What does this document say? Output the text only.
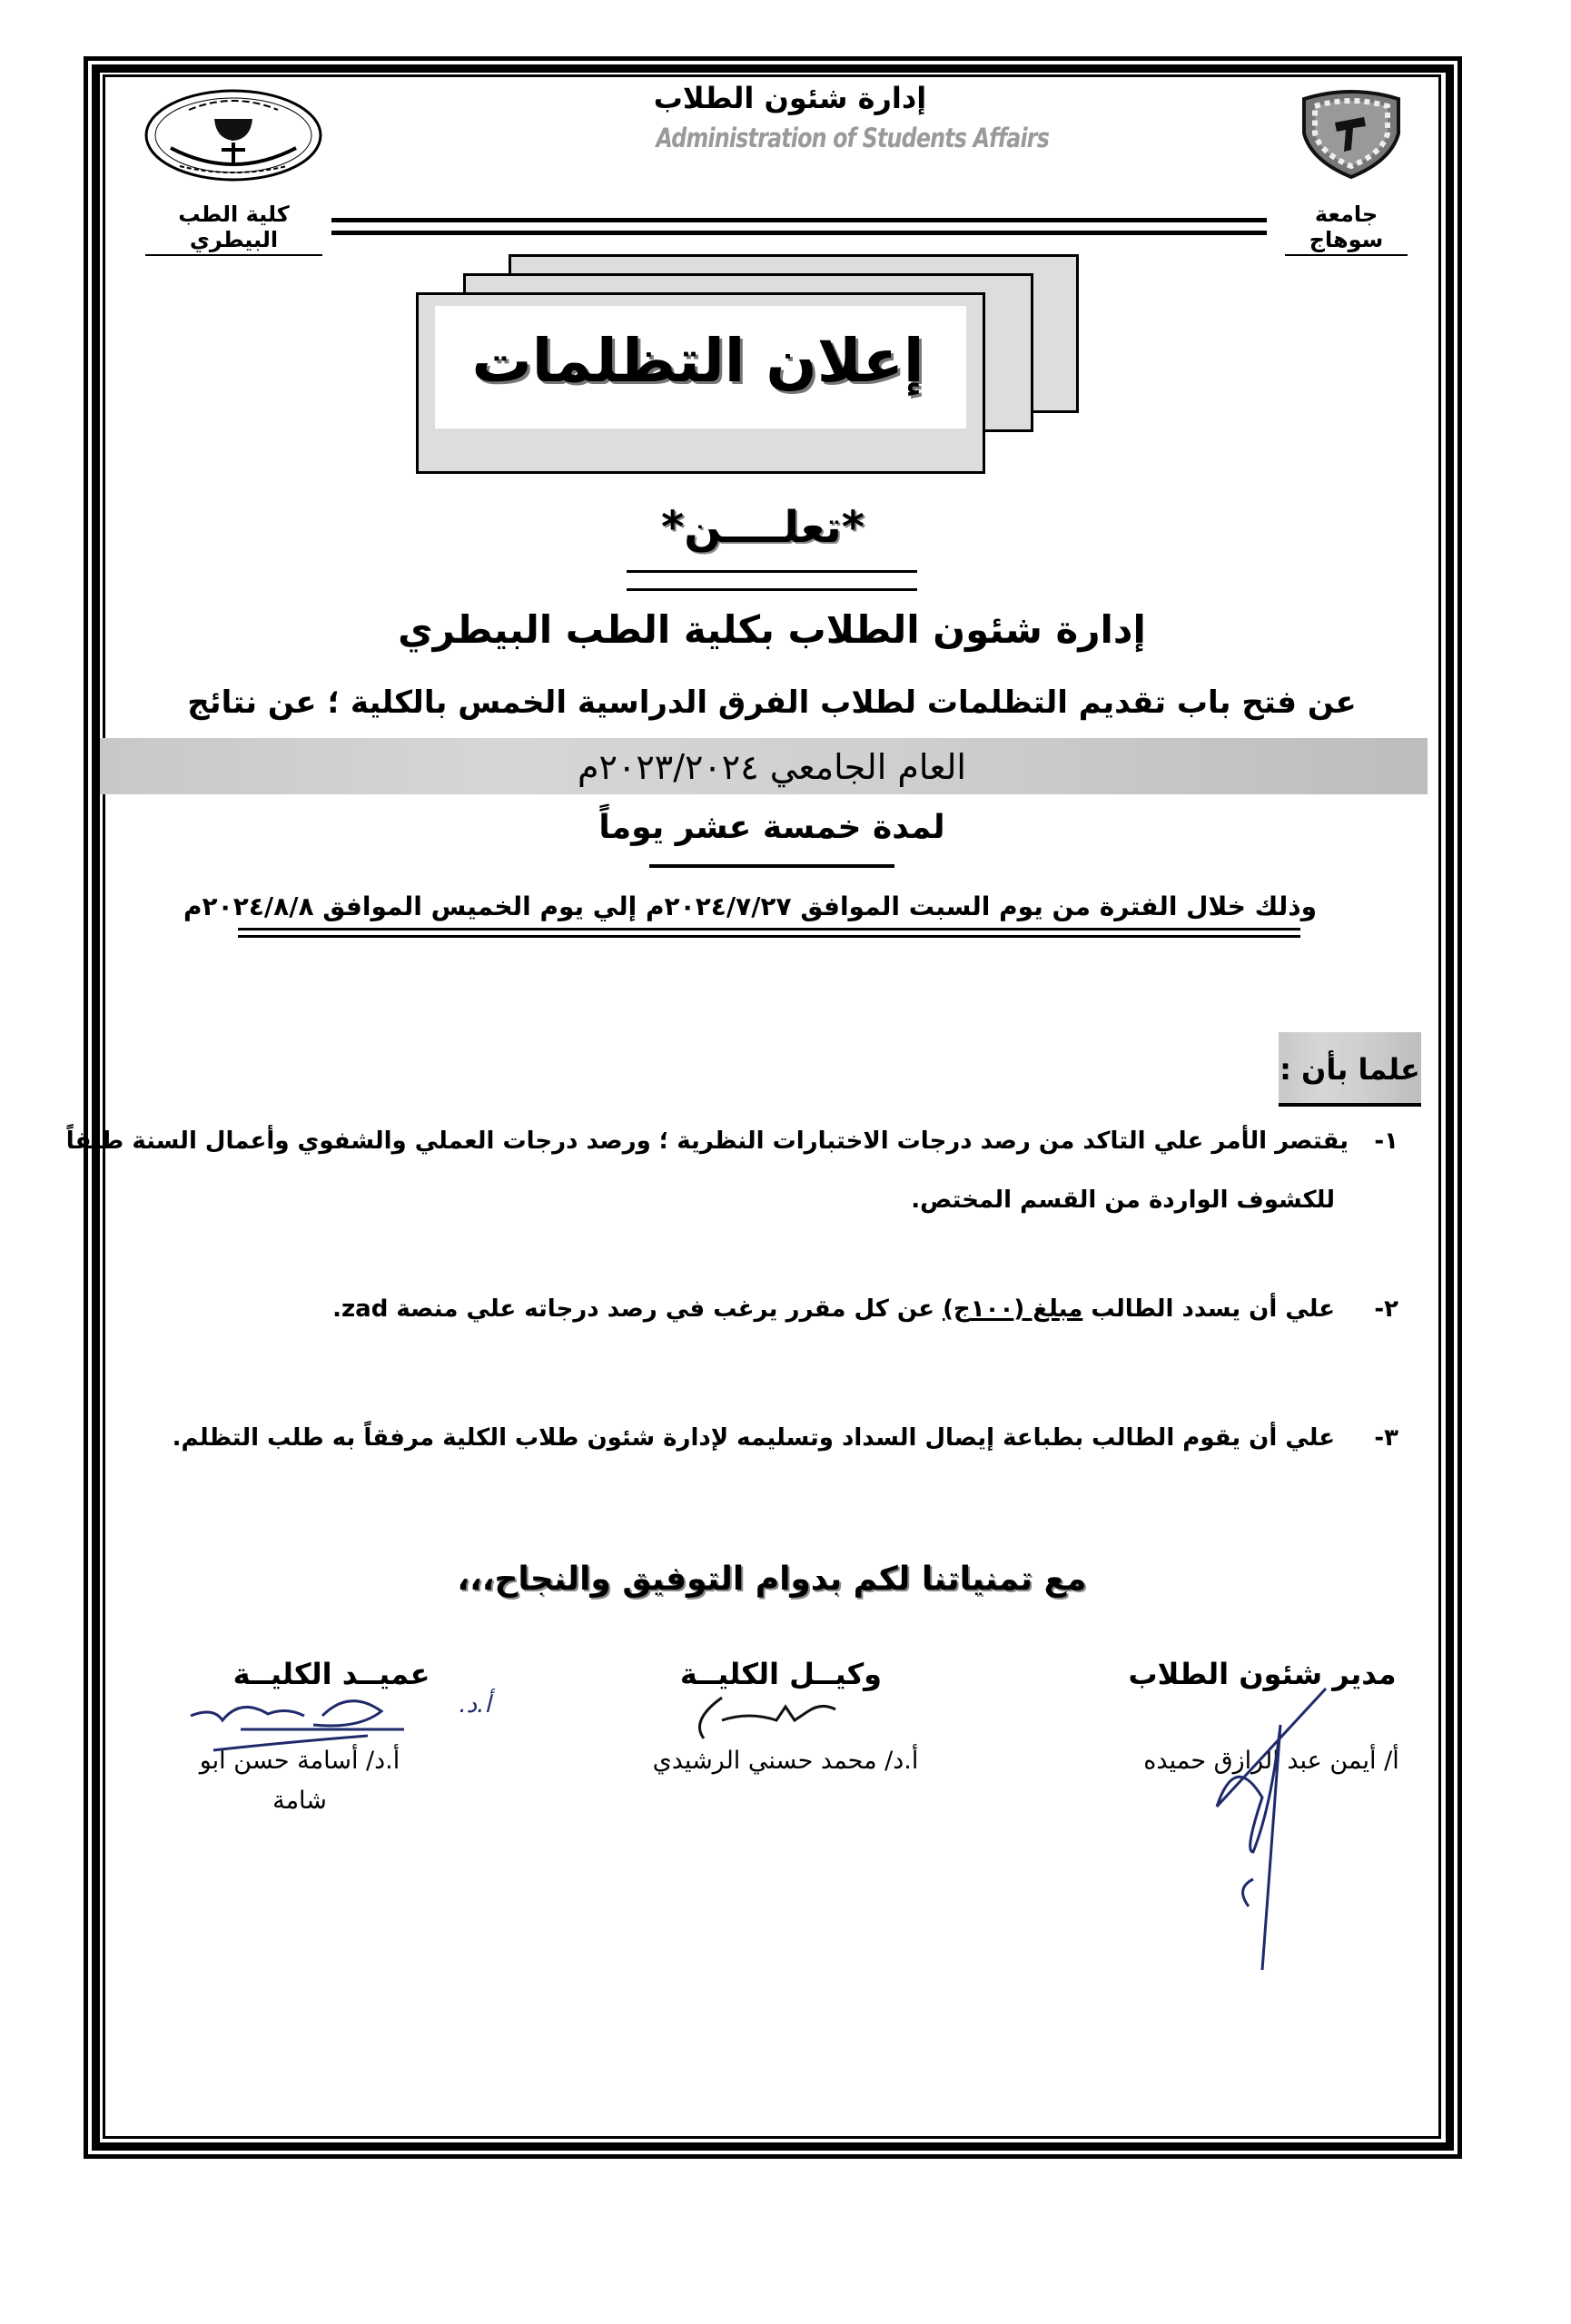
جامعة سوهاج
كلية الطب البيطري
إدارة شئون الطلاب
Administration of Students Affairs
إعلان التظلمات
*تعلــــن*
إدارة شئون الطلاب بكلية الطب البيطري
عن فتح باب تقديم التظلمات لطلاب الفرق الدراسية الخمس بالكلية ؛ عن نتائج
العام الجامعي ٢٠٢٣/٢٠٢٤م
لمدة خمسة عشر يوماً
وذلك خلال الفترة من يوم السبت الموافق ٢٠٢٤/٧/٢٧م إلي يوم الخميس الموافق ٢٠٢٤/٨/٨م
علما بأن :
١-
يقتصر الأمر علي التاكد من رصد درجات الاختبارات النظرية ؛ ورصد درجات العملي والشفوي وأعمال السنة طبقاً
للكشوف الواردة من القسم المختص.
٢-
علي أن يسدد الطالب مبلغ (١٠٠ج) عن كل مقرر يرغب في رصد درجاته علي منصة zad.
٣-
علي أن يقوم الطالب بطباعة إيصال السداد وتسليمه لإدارة شئون طلاب الكلية مرفقاً به طلب التظلم.
مع تمنياتنا لكم بدوام التوفيق والنجاح،،،
مدير شئون الطلاب
أ/ أيمن عبد الرازق حميده
وكيــل الكليــة
أ.د/ محمد حسني الرشيدي
عميــد الكليــة
أ.د/ أسامة حسن ابو شامة
أ.د.
